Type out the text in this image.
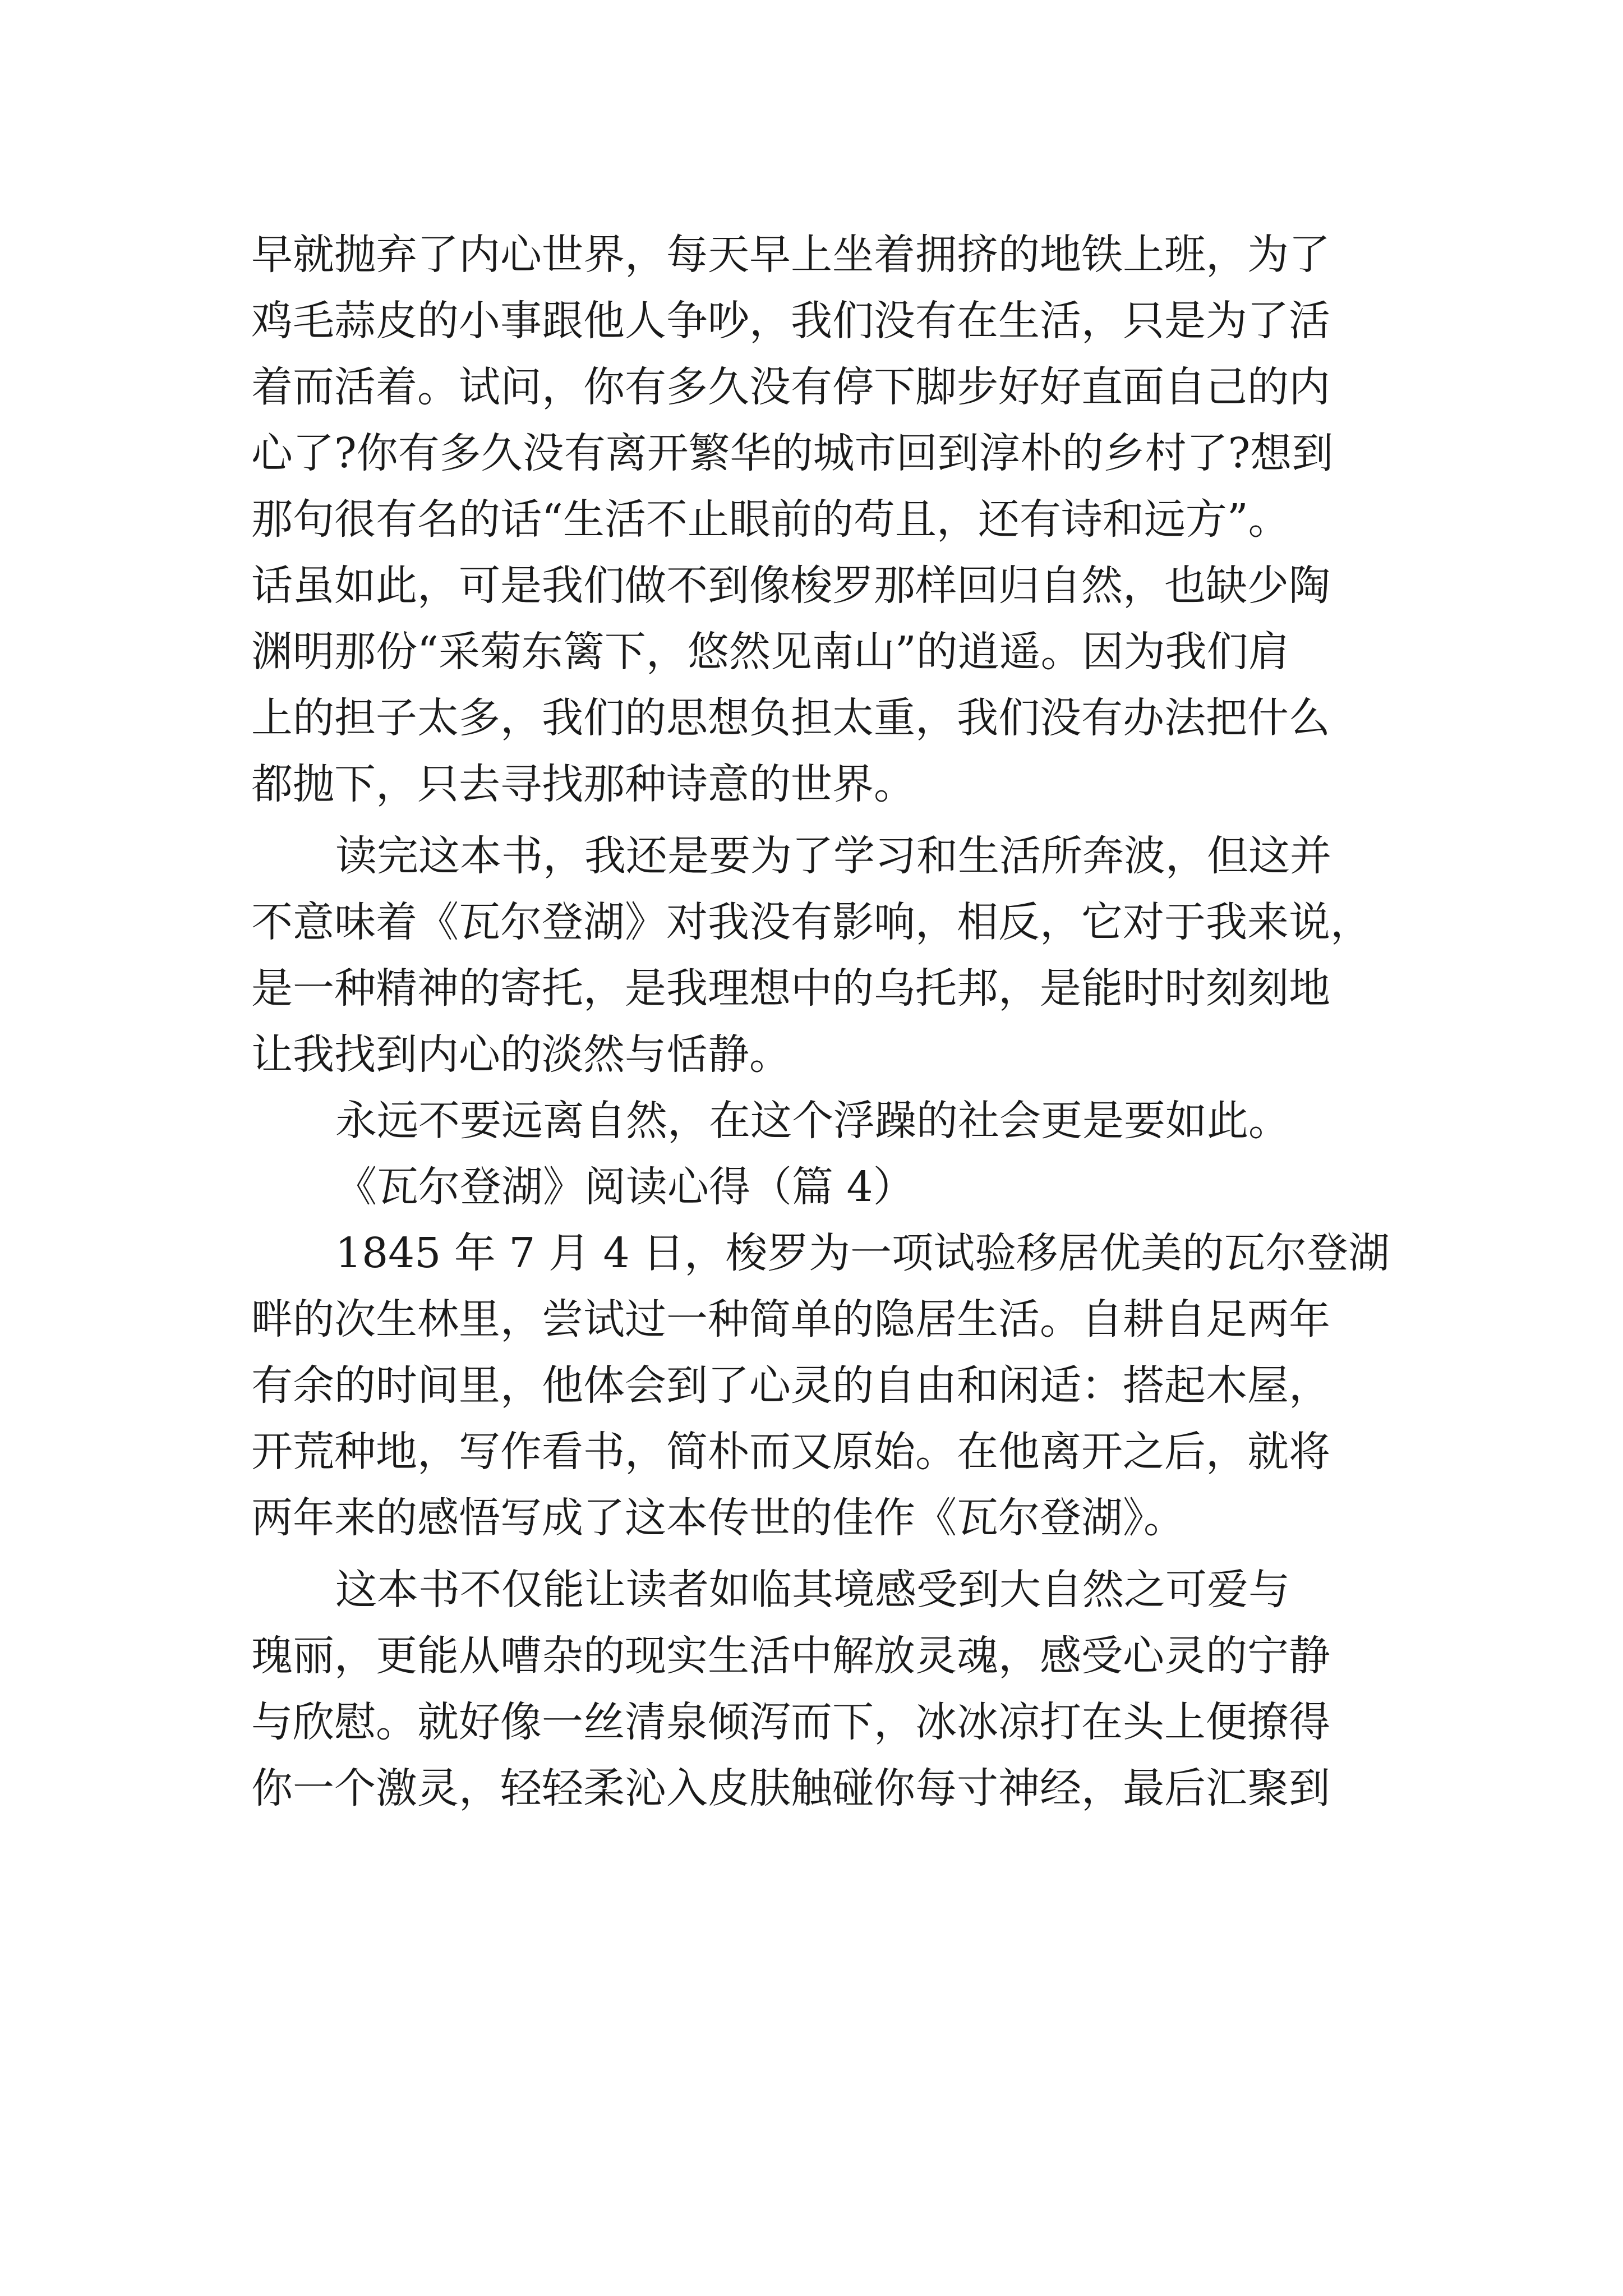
早就抛弃了内心世界，每天早上坐着拥挤的地铁上班，为了
鸡毛蒜皮的小事跟他人争吵，我们没有在生活，只是为了活
着而活着。试问，你有多久没有停下脚步好好直面自己的内
心了?你有多久没有离开繁华的城市回到淳朴的乡村了?想到
那句很有名的话“生活不止眼前的苟且，还有诗和远方”。
话虽如此，可是我们做不到像梭罗那样回归自然，也缺少陶
渊明那份“采菊东篱下，悠然见南山”的逍遥。因为我们肩
上的担子太多，我们的思想负担太重，我们没有办法把什么
都抛下，只去寻找那种诗意的世界。
读完这本书，我还是要为了学习和生活所奔波，但这并
不意味着《瓦尔登湖》对我没有影响，相反，它对于我来说，
是一种精神的寄托，是我理想中的乌托邦，是能时时刻刻地
让我找到内心的淡然与恬静。
永远不要远离自然，在这个浮躁的社会更是要如此。
《瓦尔登湖》阅读心得（篇 4）
1845 年 7 月 4 日，梭罗为一项试验移居优美的瓦尔登湖
畔的次生林里，尝试过一种简单的隐居生活。自耕自足两年
有余的时间里，他体会到了心灵的自由和闲适：搭起木屋，
开荒种地，写作看书，简朴而又原始。在他离开之后，就将
两年来的感悟写成了这本传世的佳作《瓦尔登湖》。
这本书不仅能让读者如临其境感受到大自然之可爱与
瑰丽，更能从嘈杂的现实生活中解放灵魂，感受心灵的宁静
与欣慰。就好像一丝清泉倾泻而下，冰冰凉打在头上便撩得
你一个激灵，轻轻柔沁入皮肤触碰你每寸神经，最后汇聚到
